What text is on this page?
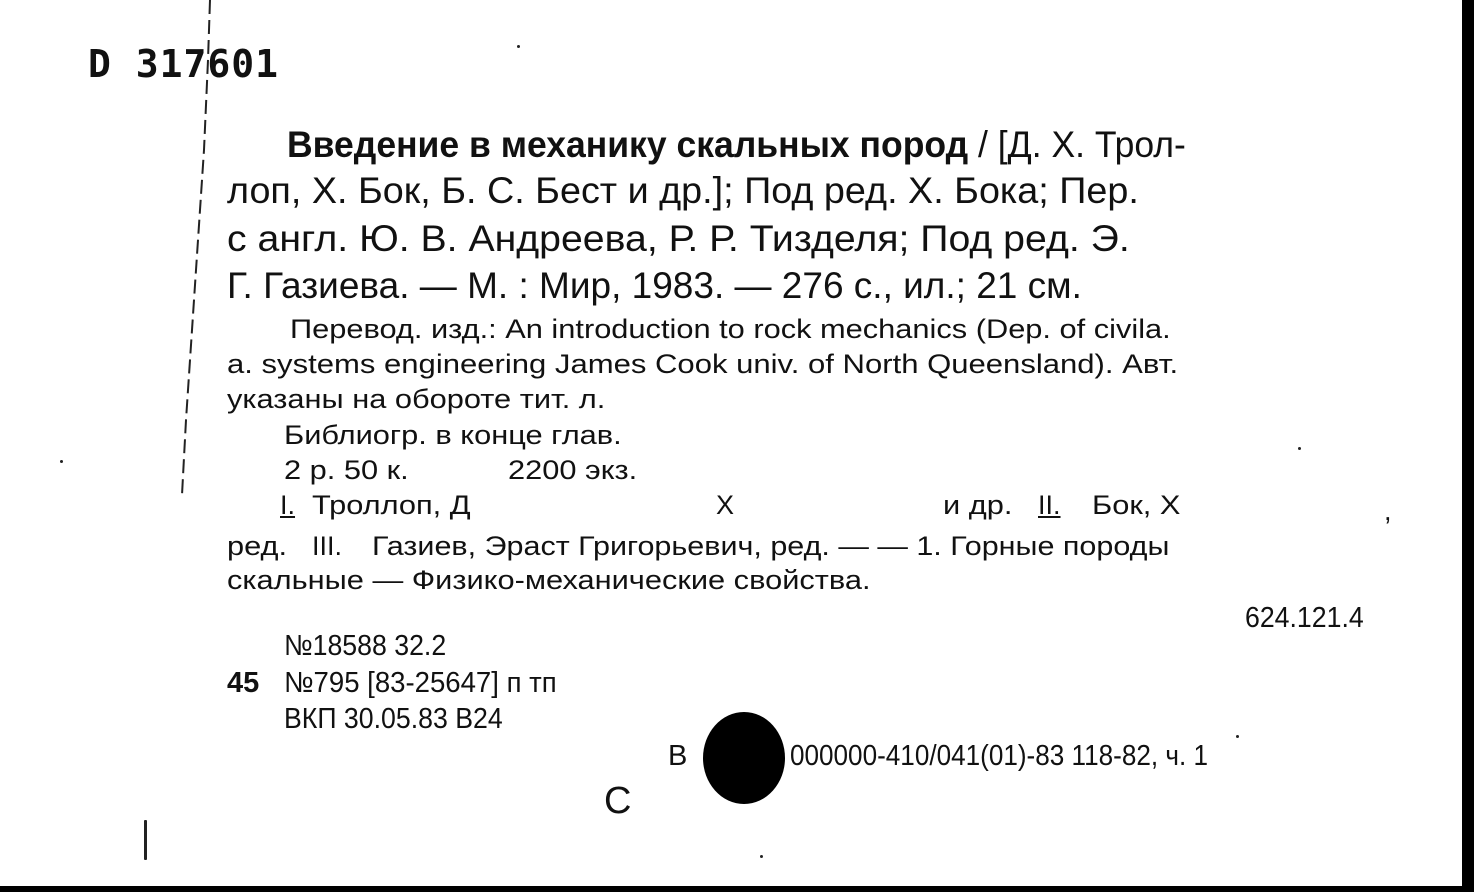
D 317601
Введение в механику скальных пород / [Д. Х. Трол-
лоп, Х. Бок, Б. С. Бест и др.]; Под ред. Х. Бока; Пер.
с англ. Ю. В. Андреева, Р. Р. Тизделя; Под ред. Э.
Г. Газиева. — М. : Мир, 1983. — 276 с., ил.; 21 см.
Перевод. изд.: An introduction to rock mechanics (Dep. of civila.
a. systems engineering James Cook univ. of North Queensland). Авт.
указаны на обороте тит. л.
Библиогр. в конце глав.
2 р. 50 к.	2200 экз.
I. Троллоп, Д	Х	и др. II. Бок, Х	,
ред. III. Газиев, Эраст Григорьевич, ред. — — 1. Горные породы
скальные — Физико-механические свойства.
624.121.4
№18588 32.2
45 №795 [83-25647] п тп
ВКП 30.05.83 В24
В	000000-410/041(01)-83 118-82, ч. 1
С
